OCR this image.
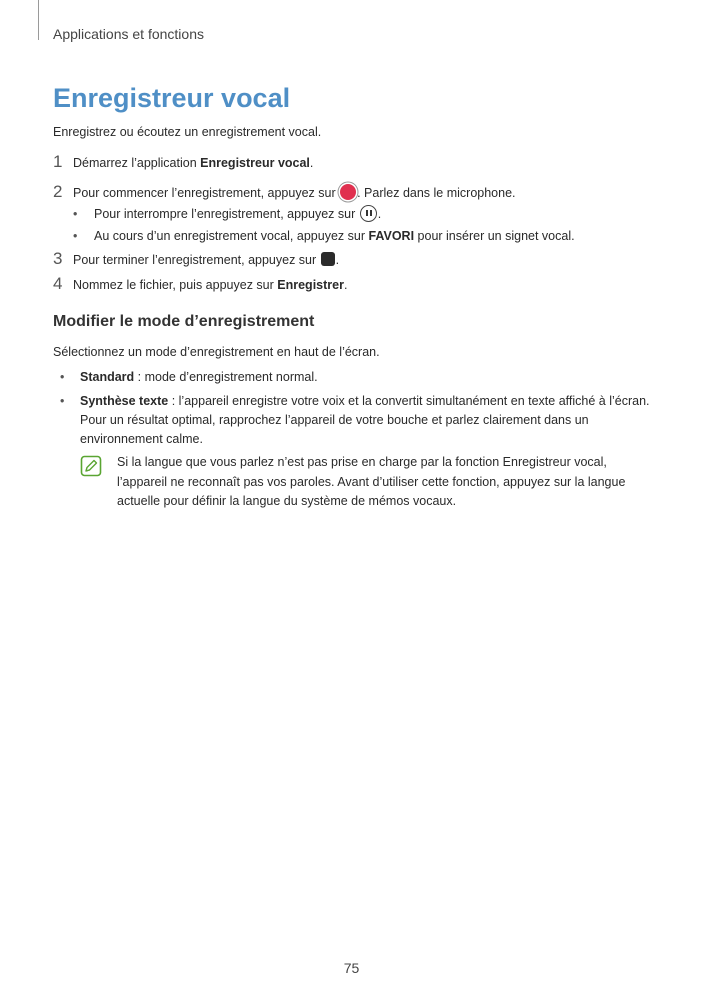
Applications et fonctions
Enregistreur vocal
Enregistrez ou écoutez un enregistrement vocal.
1 Démarrez l’application Enregistreur vocal.
2 Pour commencer l’enregistrement, appuyez sur . Parlez dans le microphone.
• Pour interrompre l’enregistrement, appuyez sur .
• Au cours d’un enregistrement vocal, appuyez sur FAVORI pour insérer un signet vocal.
3 Pour terminer l’enregistrement, appuyez sur .
4 Nommez le fichier, puis appuyez sur Enregistrer.
Modifier le mode d’enregistrement
Sélectionnez un mode d’enregistrement en haut de l’écran.
•	Standard : mode d’enregistrement normal.
•	Synthèse texte : l’appareil enregistre votre voix et la convertit simultanément en texte affiché à l’écran. Pour un résultat optimal, rapprochez l’appareil de votre bouche et parlez clairement dans un environnement calme.
Si la langue que vous parlez n’est pas prise en charge par la fonction Enregistreur vocal, l’appareil ne reconnaît pas vos paroles. Avant d’utiliser cette fonction, appuyez sur la langue actuelle pour définir la langue du système de mémos vocaux.
75
